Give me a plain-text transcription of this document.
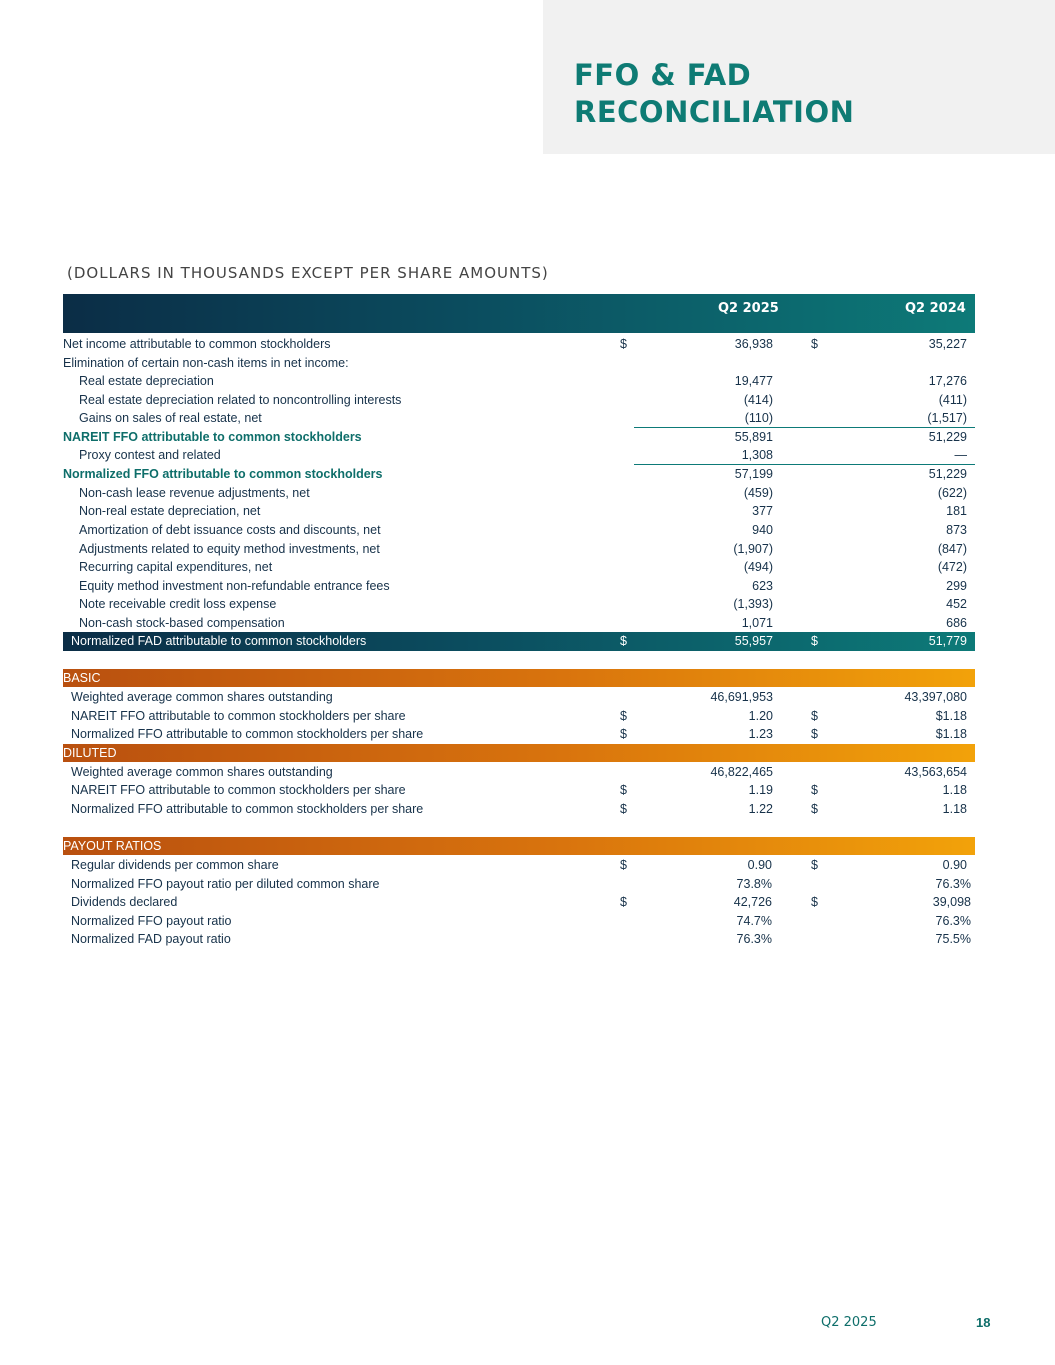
FFO & FAD
RECONCILIATION
(DOLLARS IN THOUSANDS EXCEPT PER SHARE AMOUNTS)
Q2 2025	Q2 2024
Net income attributable to common stockholders	$	36,938	$	35,227
Elimination of certain non-cash items in net income:
Real estate depreciation	19,477	17,276
Real estate depreciation related to noncontrolling interests	(414)	(411)
Gains on sales of real estate, net	(110)	(1,517)
NAREIT FFO attributable to common stockholders	55,891	51,229
Proxy contest and related	1,308	—
Normalized FFO attributable to common stockholders	57,199	51,229
Non-cash lease revenue adjustments, net	(459)	(622)
Non-real estate depreciation, net	377	181
Amortization of debt issuance costs and discounts, net	940	873
Adjustments related to equity method investments, net	(1,907)	(847)
Recurring capital expenditures, net	(494)	(472)
Equity method investment non-refundable entrance fees	623	299
Note receivable credit loss expense	(1,393)	452
Non-cash stock-based compensation	1,071	686
Normalized FAD attributable to common stockholders	$	55,957	$	51,779
BASIC
Weighted average common shares outstanding	46,691,953	43,397,080
NAREIT FFO attributable to common stockholders per share	$	1.20	$	$1.18
Normalized FFO attributable to common stockholders per share	$	1.23	$	$1.18
DILUTED
Weighted average common shares outstanding	46,822,465	43,563,654
NAREIT FFO attributable to common stockholders per share	$	1.19	$	1.18
Normalized FFO attributable to common stockholders per share	$	1.22	$	1.18
PAYOUT RATIOS
Regular dividends per common share	$	0.90	$	0.90
Normalized FFO payout ratio per diluted common share	73.8%	76.3%
Dividends declared	$	42,726	$	39,098
Normalized FFO payout ratio	74.7%	76.3%
Normalized FAD payout ratio	76.3%	75.5%
Q2 2025	18
